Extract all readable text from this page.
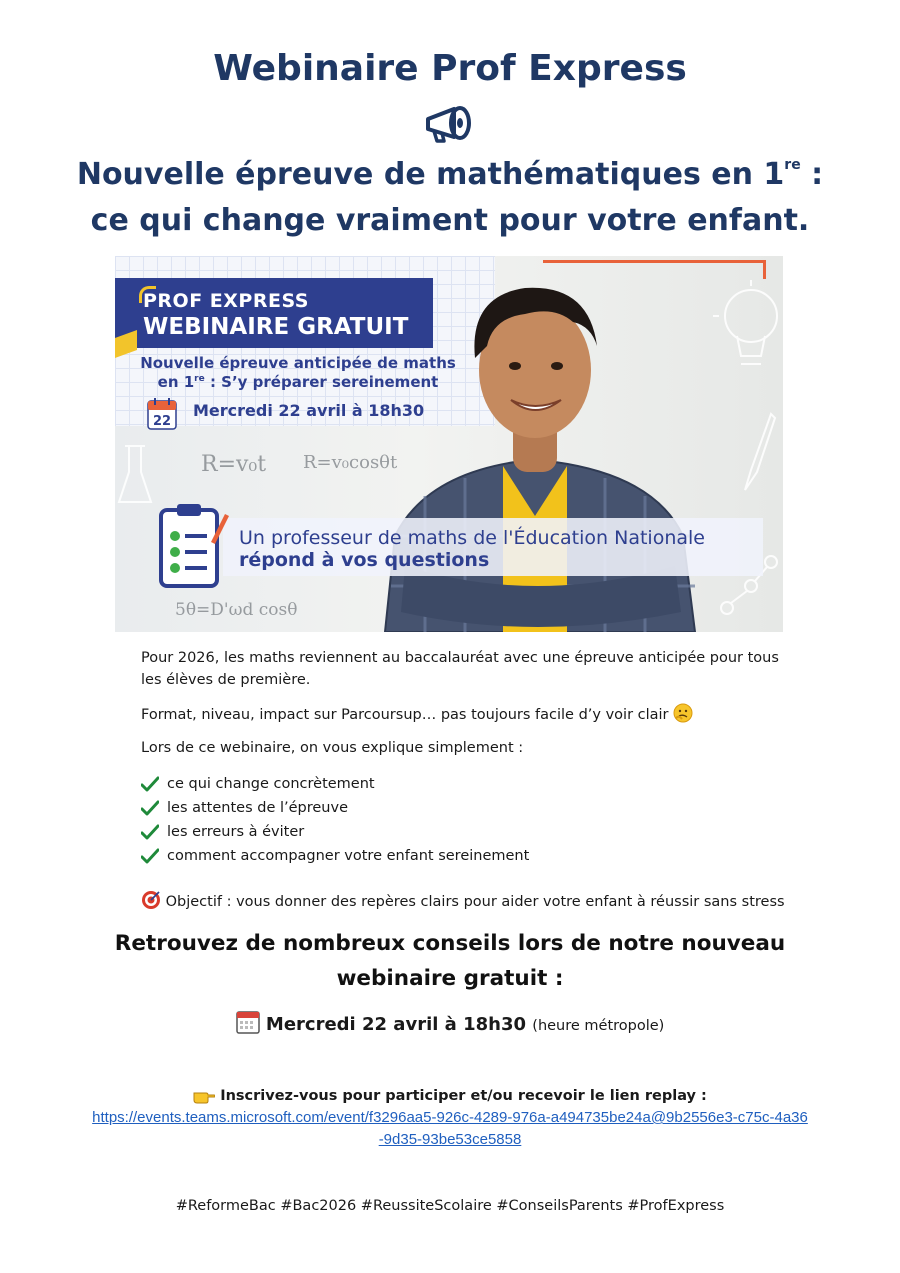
Webinaire Prof Express
Nouvelle épreuve de mathématiques en 1re :
ce qui change vraiment pour votre enfant.
R=v₀t R=v₀cosθt
5θ=D'ωd cosθ
PROF EXPRESS
WEBINAIRE GRATUIT
Nouvelle épreuve anticipée de maths
en 1re : S’y préparer sereinement
22
Mercredi 22 avril à 18h30
Un professeur de maths de l'Éducation Nationale
répond à vos questions

Pour 2026, les maths reviennent au baccalauréat avec une épreuve anticipée pour tous les élèves de première.

Format, niveau, impact sur Parcoursup… pas toujours facile d’y voir clair

Lors de ce webinaire, on vous explique simplement :

ce qui change concrètement
les attentes de l’épreuve
les erreurs à éviter
comment accompagner votre enfant sereinement

Objectif : vous donner des repères clairs pour aider votre enfant à réussir sans stress

Retrouvez de nombreux conseils lors de notre nouveau webinaire gratuit :
Mercredi 22 avril à 18h30 (heure métropole)
Inscrivez-vous pour participer et/ou recevoir le lien replay :
https://events.teams.microsoft.com/event/f3296aa5-926c-4289-976a-a494735be24a@9b2556e3-c75c-4a36-9d35-93be53ce5858
#ReformeBac #Bac2026 #ReussiteScolaire #ConseilsParents #ProfExpress
